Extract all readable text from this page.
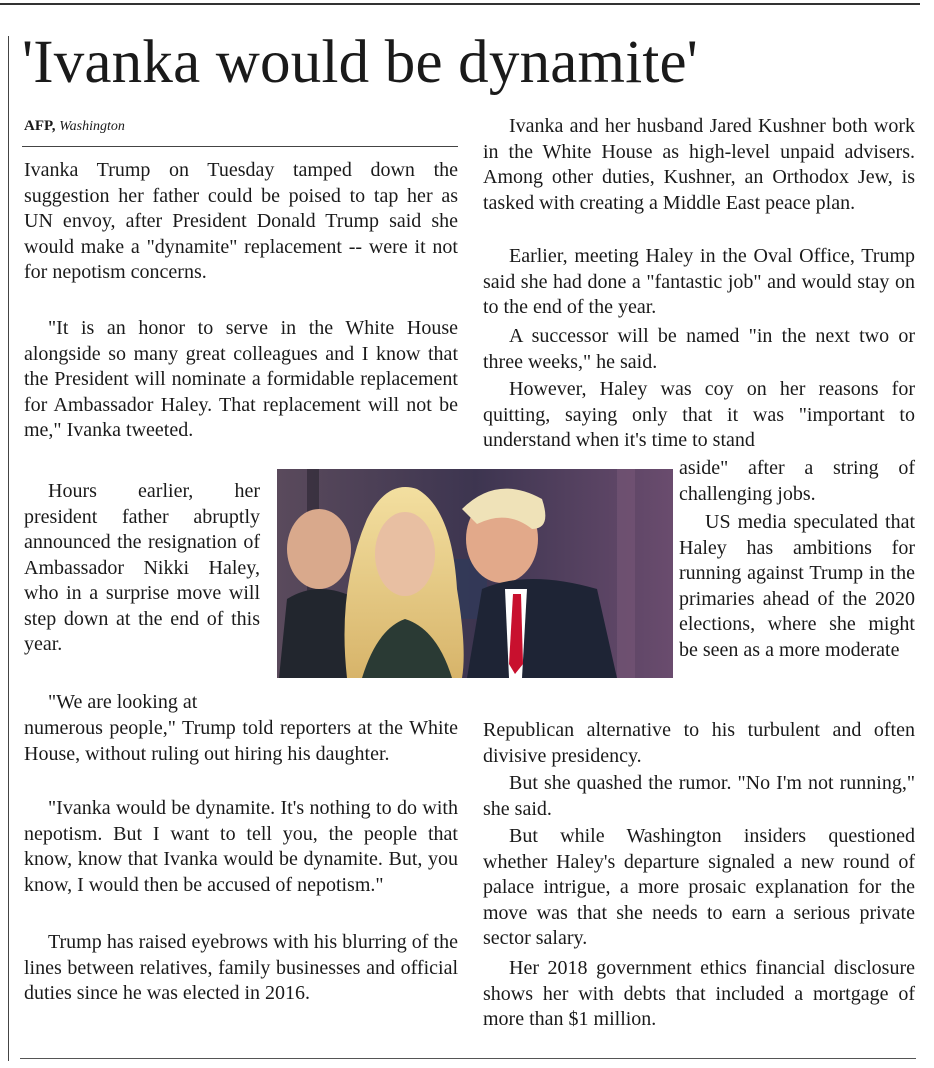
'Ivanka would be dynamite'
AFP, Washington

Ivanka Trump on Tuesday tamped down the suggestion her father could be poised to tap her as UN envoy, after President Donald Trump said she would make a "dynamite" replacement -- were it not for nepotism concerns.

"It is an honor to serve in the White House alongside so many great colleagues and I know that the President will nominate a formidable replacement for Ambassador Haley. That replacement will not be me," Ivanka tweeted.

Hours earlier, her president father abruptly announced the resignation of Ambassador Nikki Haley, who in a surprise move will step down at the end of this year.

"We are looking at

numerous people," Trump told reporters at the White House, without ruling out hiring his daughter.

"Ivanka would be dynamite. It's nothing to do with nepotism. But I want to tell you, the people that know, know that Ivanka would be dynamite. But, you know, I would then be accused of nepotism."

Trump has raised eyebrows with his blurring of the lines between relatives, family businesses and official duties since he was elected in 2016.

Ivanka and her husband Jared Kushner both work in the White House as high-level unpaid advisers. Among other duties, Kushner, an Orthodox Jew, is tasked with creating a Middle East peace plan.

Earlier, meeting Haley in the Oval Office, Trump said she had done a "fantastic job" and would stay on to the end of the year.

A successor will be named "in the next two or three weeks," he said.

However, Haley was coy on her reasons for quitting, saying only that it was "important to understand when it's time to stand

aside" after a string of challenging jobs.

US media speculated that Haley has ambitions for running against Trump in the primaries ahead of the 2020 elections, where she might be seen as a more moderate

Republican alternative to his turbulent and often divisive presidency.

But she quashed the rumor. "No I'm not running," she said.

But while Washington insiders questioned whether Haley's departure signaled a new round of palace intrigue, a more prosaic explanation for the move was that she needs to earn a serious private sector salary.

Her 2018 government ethics financial disclosure shows her with debts that included a mortgage of more than $1 million.
